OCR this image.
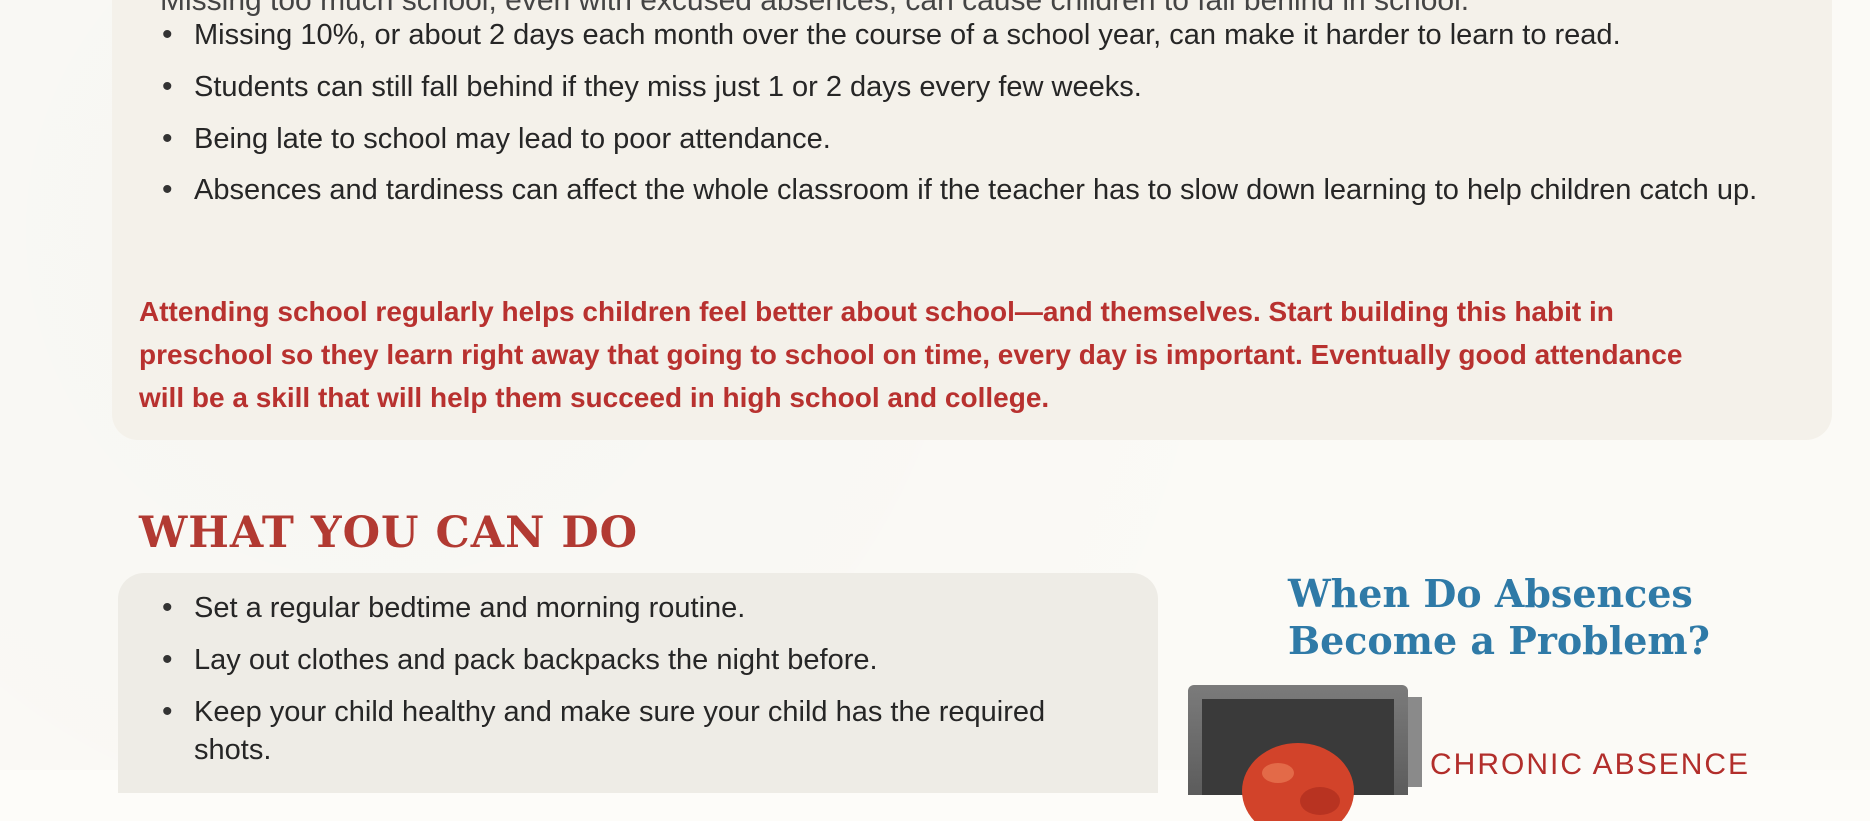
• Missing 10%, or about 2 days each month over the course of a school year, can make it harder to learn to read.
• Students can still fall behind if they miss just 1 or 2 days every few weeks.
• Being late to school may lead to poor attendance.
• Absences and tardiness can affect the whole classroom if the teacher has to slow down learning to help children catch up.

Attending school regularly helps children feel better about school—and themselves. Start building this habit in preschool so they learn right away that going to school on time, every day is important. Eventually good attendance will be a skill that will help them succeed in high school and college.

WHAT YOU CAN DO
• Set a regular bedtime and morning routine.
• Lay out clothes and pack backpacks the night before.
• Keep your child healthy and make sure your child has the required shots.
When Do Absences
Become a Problem?

CHRONIC ABSENCE
